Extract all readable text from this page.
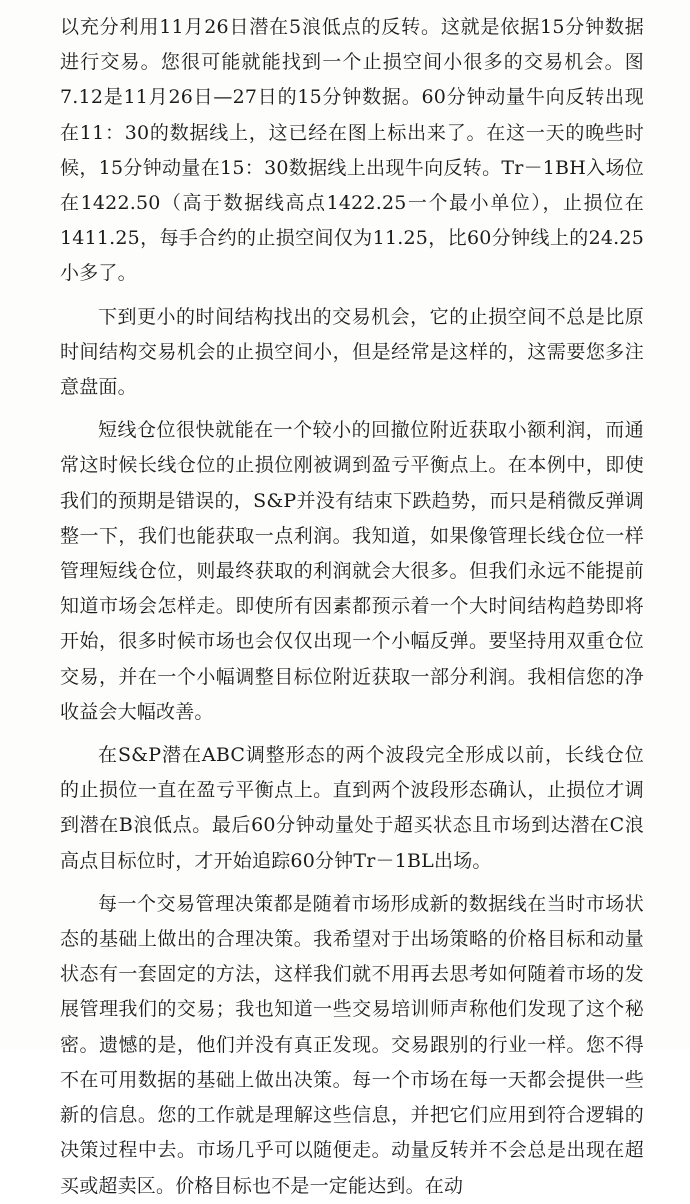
以充分利用11月26日潜在5浪低点的反转。这就是依据15分钟数据进行交易。您很可能就能找到一个止损空间小很多的交易机会。图7.12是11月26日—27日的15分钟数据。60分钟动量牛向反转出现在11：30的数据线上，这已经在图上标出来了。在这一天的晚些时候，15分钟动量在15：30数据线上出现牛向反转。Tr－1BH入场位在1422.50（高于数据线高点1422.25一个最小单位），止损位在1411.25，每手合约的止损空间仅为11.25，比60分钟线上的24.25小多了。

下到更小的时间结构找出的交易机会，它的止损空间不总是比原时间结构交易机会的止损空间小，但是经常是这样的，这需要您多注意盘面。

短线仓位很快就能在一个较小的回撤位附近获取小额利润，而通常这时候长线仓位的止损位刚被调到盈亏平衡点上。在本例中，即使我们的预期是错误的，S&P并没有结束下跌趋势，而只是稍微反弹调整一下，我们也能获取一点利润。我知道，如果像管理长线仓位一样管理短线仓位，则最终获取的利润就会大很多。但我们永远不能提前知道市场会怎样走。即使所有因素都预示着一个大时间结构趋势即将开始，很多时候市场也会仅仅出现一个小幅反弹。要坚持用双重仓位交易，并在一个小幅调整目标位附近获取一部分利润。我相信您的净收益会大幅改善。

在S&P潜在ABC调整形态的两个波段完全形成以前，长线仓位的止损位一直在盈亏平衡点上。直到两个波段形态确认，止损位才调到潜在B浪低点。最后60分钟动量处于超买状态且市场到达潜在C浪高点目标位时，才开始追踪60分钟Tr－1BL出场。

每一个交易管理决策都是随着市场形成新的数据线在当时市场状态的基础上做出的合理决策。我希望对于出场策略的价格目标和动量状态有一套固定的方法，这样我们就不用再去思考如何随着市场的发展管理我们的交易；我也知道一些交易培训师声称他们发现了这个秘密。遗憾的是，他们并没有真正发现。交易跟别的行业一样。您不得不在可用数据的基础上做出决策。每一个市场在每一天都会提供一些新的信息。您的工作就是理解这些信息，并把它们应用到符合逻辑的决策过程中去。市场几乎可以随便走。动量反转并不会总是出现在超买或超卖区。价格目标也不是一定能达到。在动
